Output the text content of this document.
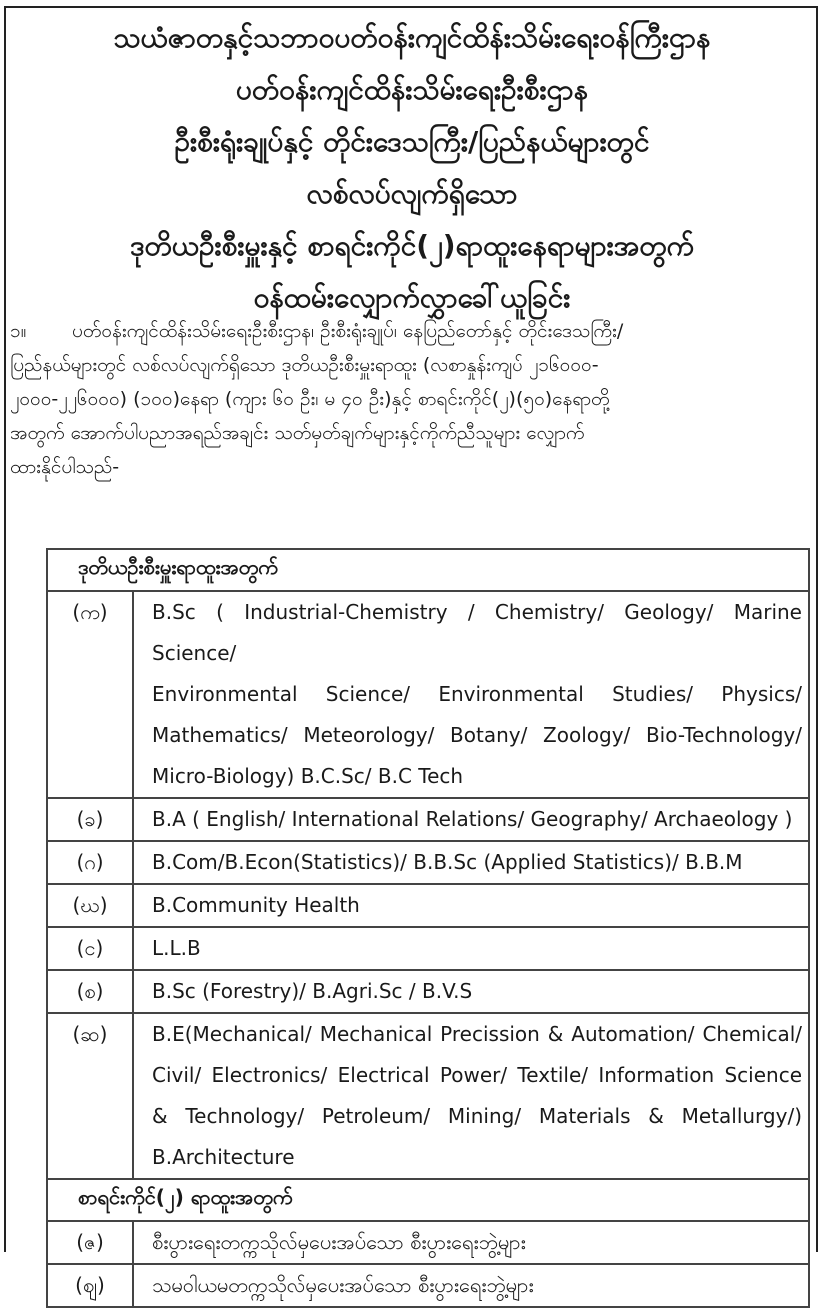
သယံဇာတနှင့်သဘာဝပတ်ဝန်းကျင်ထိန်းသိမ်းရေးဝန်ကြီးဌာန
ပတ်ဝန်းကျင်ထိန်းသိမ်းရေးဦးစီးဌာန
ဦးစီးရုံးချုပ်နှင့် တိုင်းဒေသကြီး/ပြည်နယ်များတွင်
လစ်လပ်လျက်ရှိသော
ဒုတိယဦးစီးမှူးနှင့် စာရင်းကိုင်(၂)ရာထူးနေရာများအတွက်
ဝန်ထမ်းလျှောက်လွှာခေါ်ယူခြင်း
၁။ ပတ်ဝန်းကျင်ထိန်းသိမ်းရေးဦးစီးဌာန၊ ဦးစီးရုံးချုပ်၊ နေပြည်တော်နှင့် တိုင်းဒေသကြီး/
ပြည်နယ်များတွင် လစ်လပ်လျက်ရှိသော ဒုတိယဦးစီးမှူးရာထူး (လစာနှုန်းကျပ် ၂၁၆၀၀၀-
၂၀၀၀-၂၂၆၀၀၀) (၁၀၀)နေရာ (ကျား ၆၀ ဦး၊ မ ၄၀ ဦး)နှင့် စာရင်းကိုင်(၂)(၅၀)နေရာတို့
အတွက် အောက်ပါပညာအရည်အချင်း သတ်မှတ်ချက်များနှင့်ကိုက်ညီသူများ လျှောက်
ထားနိုင်ပါသည်-
ဒုတိယဦးစီးမှူးရာထူးအတွက်	
(က)	B.Sc ( Industrial-Chemistry / Chemistry/ Geology/ Marine Science/
Environmental Science/ Environmental Studies/ Physics/
Mathematics/ Meteorology/ Botany/ Zoology/ Bio-Technology/
Micro-Biology) B.C.Sc/ B.C Tech

(ခ)	B.A ( English/ International Relations/ Geography/ Archaeology )

(ဂ)	B.Com/B.Econ(Statistics)/ B.B.Sc (Applied Statistics)/ B.B.M

(ဃ)	B.Community Health

(င)	L.L.B

(စ)	B.Sc (Forestry)/ B.Agri.Sc / B.V.S

(ဆ)	B.E(Mechanical/ Mechanical Precission & Automation/ Chemical/
Civil/ Electronics/ Electrical Power/ Textile/ Information Science
& Technology/ Petroleum/ Mining/ Materials & Metallurgy/)
B.Architecture

စာရင်းကိုင်(၂) ရာထူးအတွက်	
(ဇ)	စီးပွားရေးတက္ကသိုလ်မှပေးအပ်သော စီးပွားရေးဘွဲ့များ

(ဈ)	သမဝါယမတက္ကသိုလ်မှပေးအပ်သော စီးပွားရေးဘွဲ့များ
